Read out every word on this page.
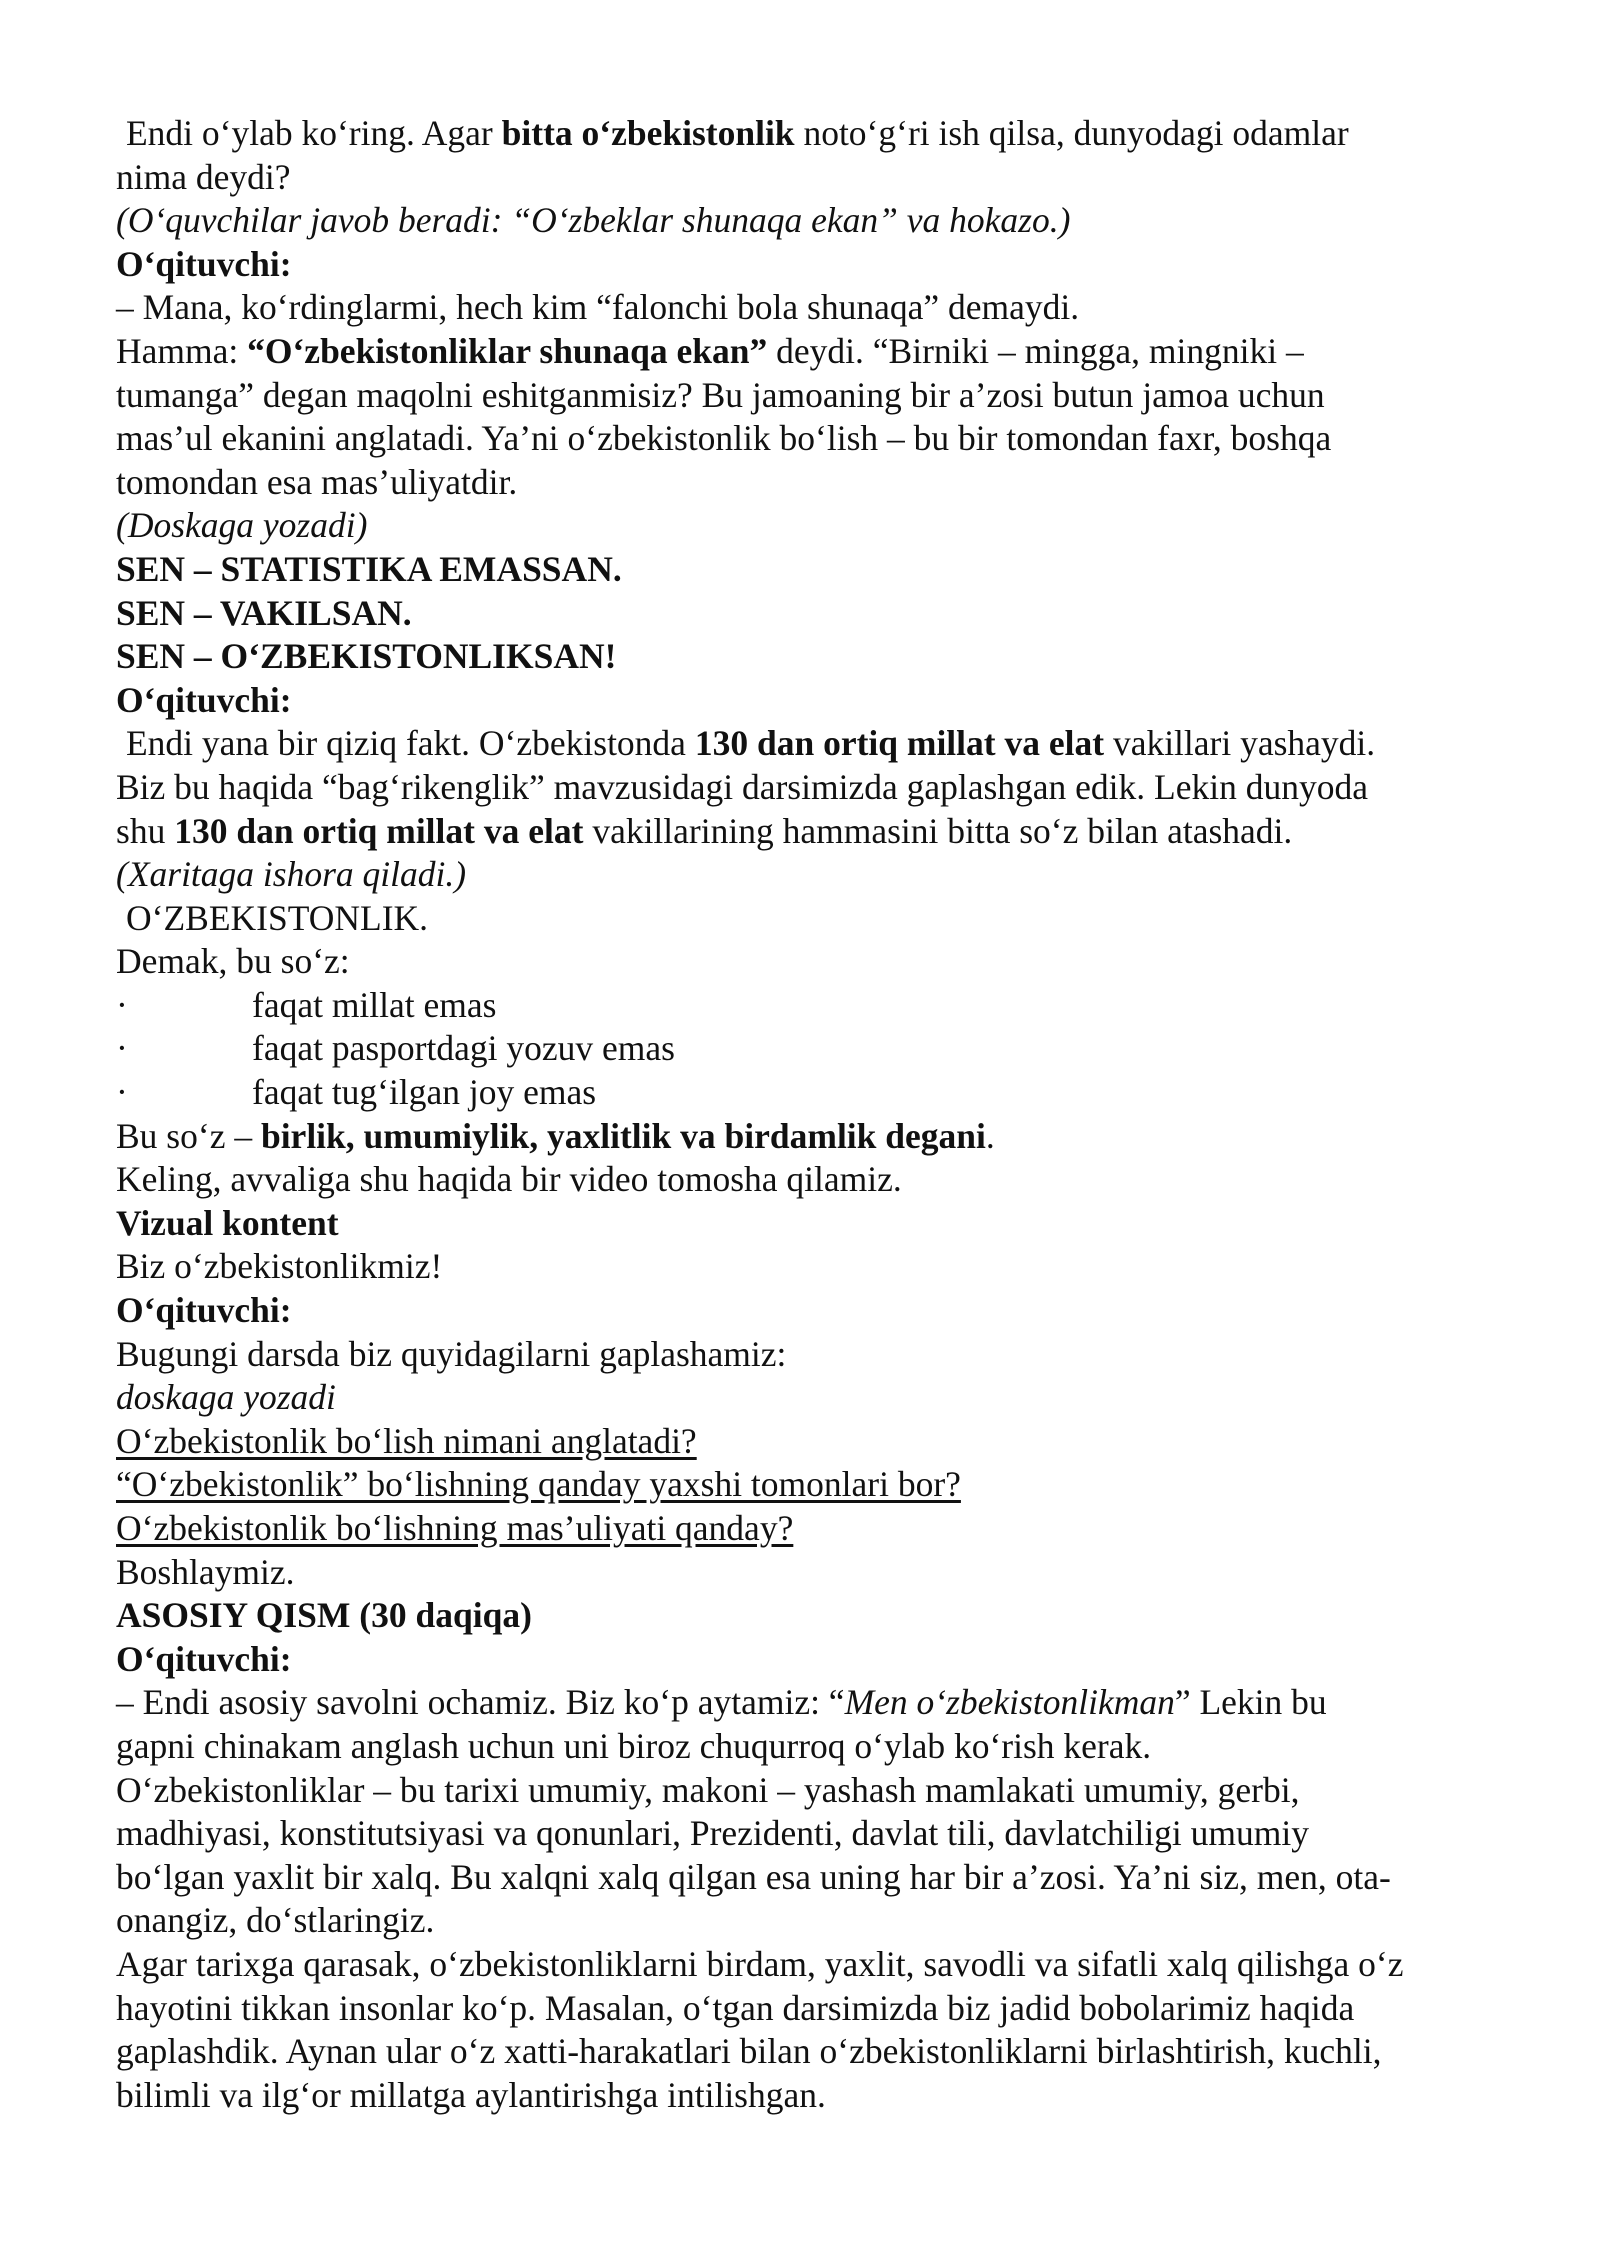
Endi o‘ylab ko‘ring. Agar bitta o‘zbekistonlik noto‘g‘ri ish qilsa, dunyodagi odamlar
nima deydi?
(O‘quvchilar javob beradi: “O‘zbeklar shunaqa ekan” va hokazo.)
O‘qituvchi:
– Mana, ko‘rdinglarmi, hech kim “falonchi bola shunaqa” demaydi.
Hamma: “O‘zbekistonliklar shunaqa ekan” deydi. “Birniki – mingga, mingniki –
tumanga” degan maqolni eshitganmisiz? Bu jamoaning bir a’zosi butun jamoa uchun
mas’ul ekanini anglatadi. Ya’ni o‘zbekistonlik bo‘lish – bu bir tomondan faxr, boshqa
tomondan esa mas’uliyatdir.
(Doskaga yozadi)
SEN – STATISTIKA EMASSAN.
SEN – VAKILSAN.
SEN – O‘ZBEKISTONLIKSAN!
O‘qituvchi:
Endi yana bir qiziq fakt. O‘zbekistonda 130 dan ortiq millat va elat vakillari yashaydi.
Biz bu haqida “bag‘rikenglik” mavzusidagi darsimizda gaplashgan edik. Lekin dunyoda
shu 130 dan ortiq millat va elat vakillarining hammasini bitta so‘z bilan atashadi.
(Xaritaga ishora qiladi.)
O‘ZBEKISTONLIK.
Demak, bu so‘z:
·	faqat millat emas
·	faqat pasportdagi yozuv emas
·	faqat tug‘ilgan joy emas
Bu so‘z – birlik, umumiylik, yaxlitlik va birdamlik degani.
Keling, avvaliga shu haqida bir video tomosha qilamiz.
Vizual kontent
Biz o‘zbekistonlikmiz!
O‘qituvchi:
Bugungi darsda biz quyidagilarni gaplashamiz:
doskaga yozadi
O‘zbekistonlik bo‘lish nimani anglatadi?
“O‘zbekistonlik” bo‘lishning qanday yaxshi tomonlari bor?
O‘zbekistonlik bo‘lishning mas’uliyati qanday?
Boshlaymiz.
ASOSIY QISM (30 daqiqa)
O‘qituvchi:
– Endi asosiy savolni ochamiz. Biz ko‘p aytamiz: “Men o‘zbekistonlikman” Lekin bu
gapni chinakam anglash uchun uni biroz chuqurroq o‘ylab ko‘rish kerak.
O‘zbekistonliklar – bu tarixi umumiy, makoni – yashash mamlakati umumiy, gerbi,
madhiyasi, konstitutsiyasi va qonunlari, Prezidenti, davlat tili, davlatchiligi umumiy
bo‘lgan yaxlit bir xalq. Bu xalqni xalq qilgan esa uning har bir a’zosi. Ya’ni siz, men, ota-
onangiz, do‘stlaringiz.
Agar tarixga qarasak, o‘zbekistonliklarni birdam, yaxlit, savodli va sifatli xalq qilishga o‘z
hayotini tikkan insonlar ko‘p. Masalan, o‘tgan darsimizda biz jadid bobolarimiz haqida
gaplashdik. Aynan ular o‘z xatti-harakatlari bilan o‘zbekistonliklarni birlashtirish, kuchli,
bilimli va ilg‘or millatga aylantirishga intilishgan.
